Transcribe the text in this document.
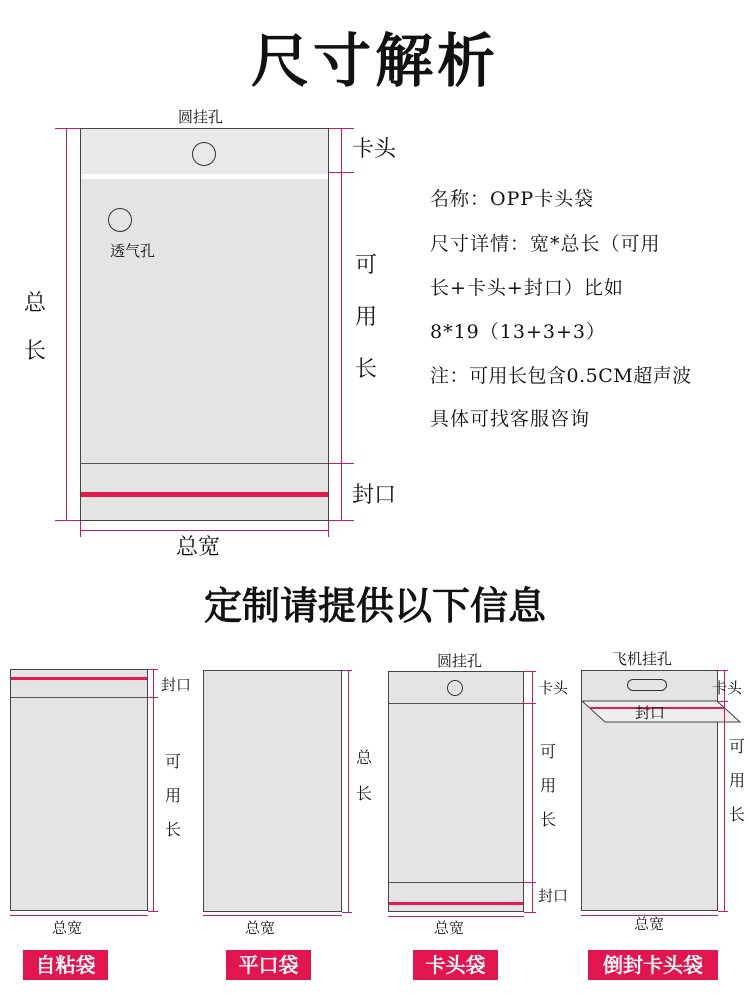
尺寸解析
圆挂孔
透气孔
总
长
卡头
可
用
长
封口
总宽
名称：OPP卡头袋
尺寸详情：宽*总长（可用
长+卡头+封口）比如
8*19（13+3+3）
注：可用长包含0.5CM超声波
具体可找客服咨询
定制请提供以下信息
封口
可
用
长
总宽
自粘袋
总
长
总宽
平口袋
圆挂孔
卡头
可
用
长
封口
总宽
卡头袋
飞机挂孔
封口
卡头
可
用
长
总宽
倒封卡头袋
